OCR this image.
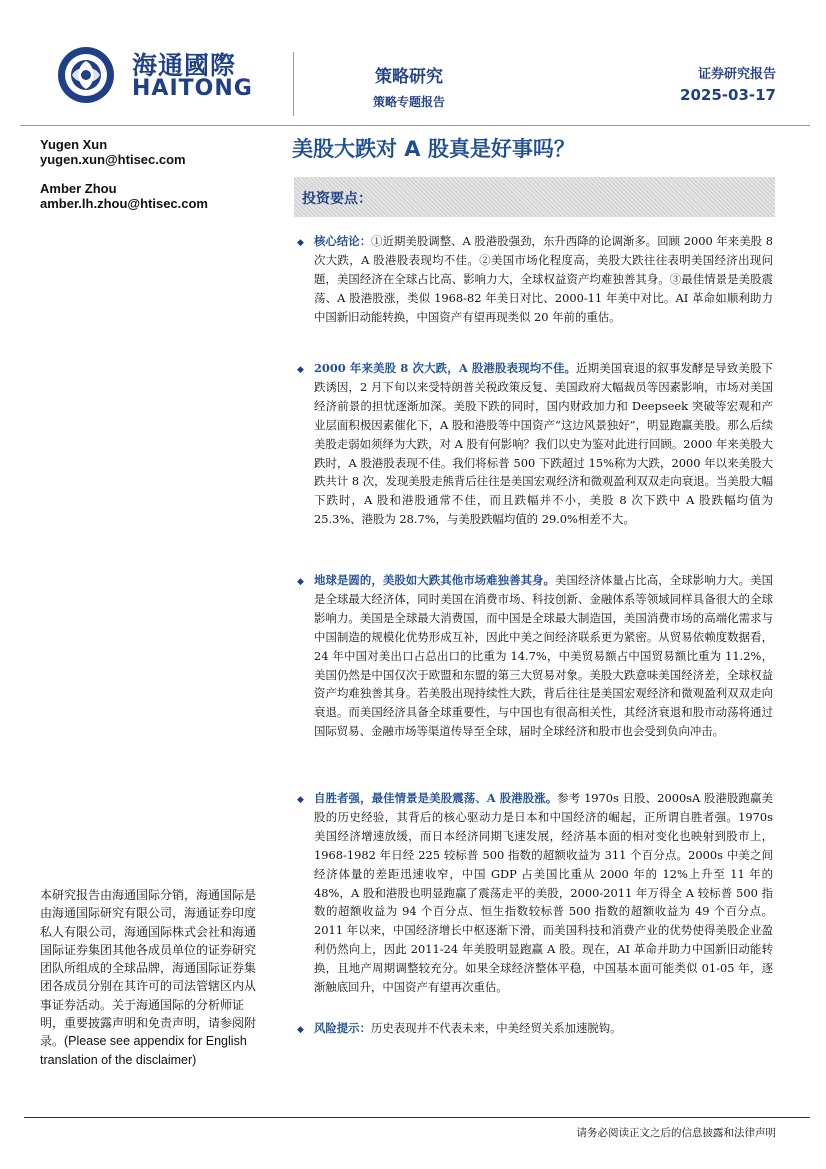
海通國際
HAITONG	策略研究
策略专题报告
证券研究报告
2025-03-17
Yugen Xun
yugen.xun@htisec.com
Amber Zhou
amber.lh.zhou@htisec.com
美股大跌对 A 股真是好事吗？
投资要点：
◆ 核心结论：①近期美股调整、A 股港股强劲，东升西降的论调渐多。回顾 2000 年来美股 8 次大跌，A 股港股表现均不佳。②美国市场化程度高，美股大跌往往表明美国经济出现问题，美国经济在全球占比高、影响力大，全球权益资产均难独善其身。③最佳情景是美股震荡、A 股港股涨，类似 1968-82 年美日对比、2000-11 年美中对比。AI 革命如顺利助力中国新旧动能转换，中国资产有望再现类似 20 年前的重估。
◆ 2000 年来美股 8 次大跌，A 股港股表现均不佳。近期美国衰退的叙事发酵是导致美股下跌诱因，2 月下旬以来受特朗普关税政策反复、美国政府大幅裁员等因素影响，市场对美国经济前景的担忧逐渐加深。美股下跌的同时，国内财政加力和 Deepseek 突破等宏观和产业层面积极因素催化下，A 股和港股等中国资产“这边风景独好”，明显跑赢美股。那么后续美股走弱如须绎为大跌，对 A 股有何影响？我们以史为鉴对此进行回顾。2000 年来美股大跌时，A 股港股表现不佳。我们将标普 500 下跌超过 15%称为大跌，2000 年以来美股大跌共计 8 次，发现美股走熊背后往往是美国宏观经济和微观盈利双双走向衰退。当美股大幅下跌时，A 股和港股通常不佳，而且跌幅并不小，美股 8 次下跌中 A 股跌幅均值为 25.3%、港股为 28.7%，与美股跌幅均值的 29.0%相差不大。
◆ 地球是圆的，美股如大跌其他市场难独善其身。美国经济体量占比高，全球影响力大。美国是全球最大经济体，同时美国在消费市场、科技创新、金融体系等领域同样具备很大的全球影响力。美国是全球最大消费国，而中国是全球最大制造国，美国消费市场的高端化需求与中国制造的规模化优势形成互补，因此中美之间经济联系更为紧密。从贸易依赖度数据看，24 年中国对美出口占总出口的比重为 14.7%，中美贸易额占中国贸易额比重为 11.2%，美国仍然是中国仅次于欧盟和东盟的第三大贸易对象。美股大跌意味美国经济差，全球权益资产均难独善其身。若美股出现持续性大跌，背后往往是美国宏观经济和微观盈利双双走向衰退。而美国经济具备全球重要性，与中国也有很高相关性，其经济衰退和股市动荡将通过国际贸易、金融市场等渠道传导至全球，届时全球经济和股市也会受到负向冲击。
◆ 自胜者强，最佳情景是美股震荡、A 股港股涨。参考 1970s 日股、2000sA 股港股跑赢美股的历史经验，其背后的核心驱动力是日本和中国经济的崛起，正所谓自胜者强。1970s 美国经济增速放缓，而日本经济同期飞速发展，经济基本面的相对变化也映射到股市上， 1968-1982 年日经 225 较标普 500 指数的超额收益为 311 个百分点。2000s 中美之间经济体量的差距迅速收窄，中国 GDP 占美国比重从 2000 年的 12%上升至 11 年的 48%，A 股和港股也明显跑赢了震荡走平的美股，2000-2011 年万得全 A 较标普 500 指数的超额收益为 94 个百分点、恒生指数较标普 500 指数的超额收益为 49 个百分点。2011 年以来，中国经济增长中枢逐渐下滑，而美国科技和消费产业的优势使得美股企业盈利仍然向上，因此 2011-24 年美股明显跑赢 A 股。现在，AI 革命并助力中国新旧动能转换，且地产周期调整较充分。如果全球经济整体平稳，中国基本面可能类似 01-05 年，逐渐触底回升，中国资产有望再次重估。
◆ 风险提示：历史表现并不代表未来，中美经贸关系加速脱钩。
本研究报告由海通国际分销，海通国际是由海通国际研究有限公司，海通证券印度私人有限公司，海通国际株式会社和海通国际证券集团其他各成员单位的证券研究团队所组成的全球品牌，海通国际证券集团各成员分别在其许可的司法管辖区内从事证券活动。关于海通国际的分析师证明，重要披露声明和免责声明，请参阅附录。(Please see appendix for English translation of the disclaimer)
请务必阅读正文之后的信息披露和法律声明
